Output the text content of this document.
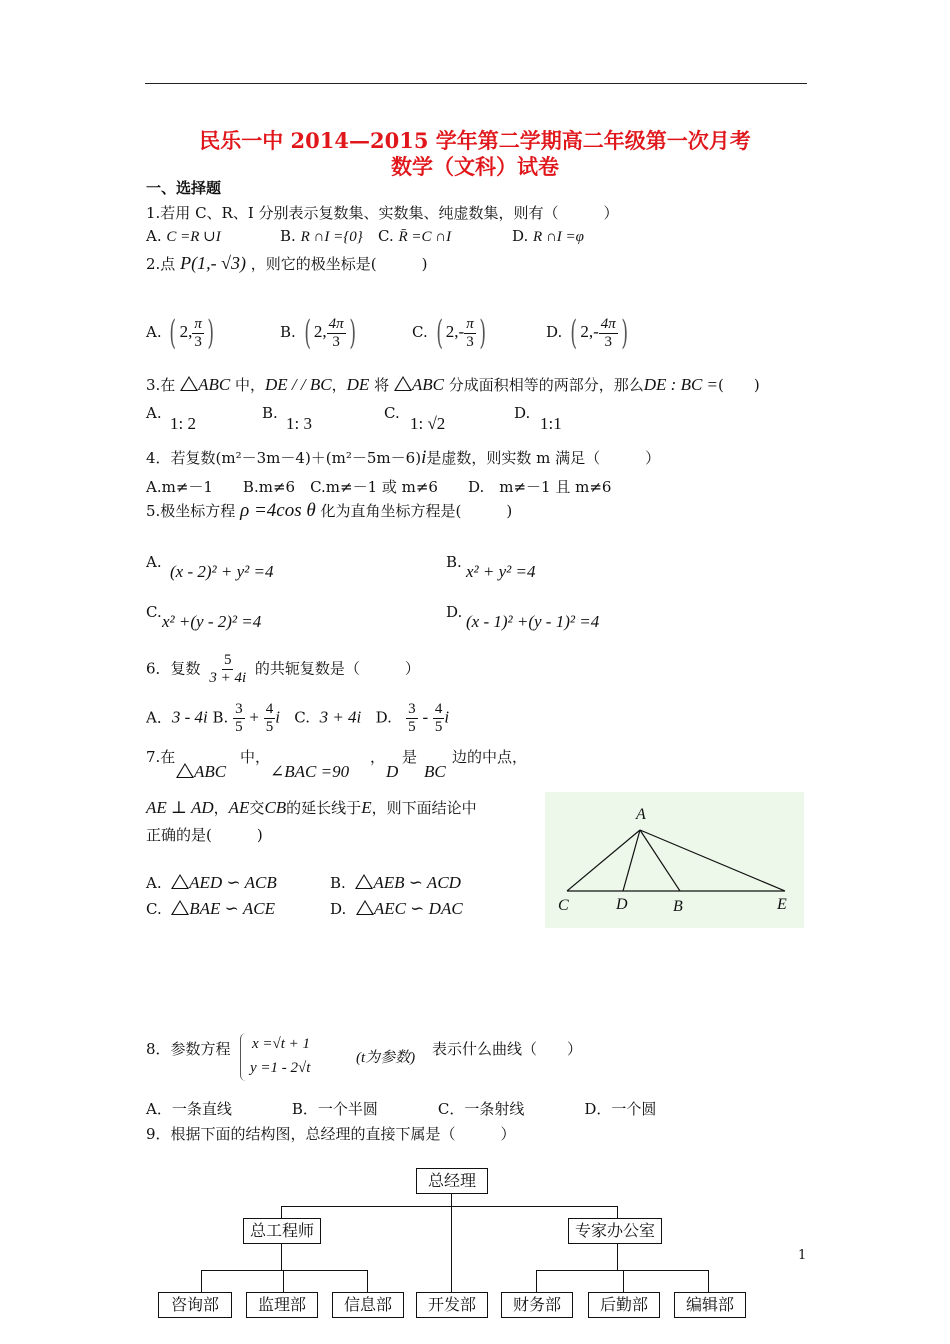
民乐一中 2014—2015 学年第二学期高二年级第一次月考
数学（文科）试卷
一、选择题
1.若用 C、R、I 分别表示复数集、实数集、纯虚数集，则有（　　　）
A. C =R ∪I	B. R ∩I ={0} C. R̄ =C ∩I	D. R ∩I =φ
2.点 P(1,- √3) ，则它的极坐标是(　　　)
A. ( 2, $\frac{\pi}{3}$ )	B. ( 2, $\frac{4\pi}{3}$ )	C. ( $2,- \frac{\pi}{3}$ )	D. ( $2,- \frac{4\pi}{3}$ )
3.在 ABC 中，DE / / BC，DE 将 ABC 分成面积相等的两部分，那么DE : BC =(　　)
A.
1: 2
B.
1: 3
C.
1: √2
D.
1:1
4．若复数(m²－3m－4)＋(m²－5m－6)i是虚数，则实数 m 满足（　　　）
A.m≠－1　　B.m≠6　C.m≠－1 或 m≠6　　D.　m≠－1 且 m≠6
5.极坐标方程 ρ =4cos θ 化为直角坐标方程是(　　　)
A. (x - 2)² + y² =4	B. x² + y² =4
C. x² +(y - 2)² =4	D. (x - 1)² +(y - 1)² =4
6．复数 $\frac{5}{3 + 4i}$ 的共轭复数是（　　　）
A．3 - 4i B. $\frac{3}{5} + \frac{4}{5}$ i C. 3 + 4i D. $\frac{3}{5} - \frac{4}{5}$ i
7.在
ABC
中，
∠BAC =90
，
D
是
BC
边的中点，
AE ⊥ AD，AE交CB的延长线于E，则下面结论中
正确的是(　　　)
A. AED ∽ ACB	B. AEB ∽ ACD
C. BAE ∽ ACE	D. AEC ∽ DAC
A
C	D	B	E
8．参数方程 x =√t + 1
y =1 - 2√t
(t为参数) 表示什么曲线（　　）
A．一条直线　　　　B．一个半圆　　　　C．一条射线　　　　D．一个圆
9．根据下面的结构图，总经理的直接下属是（　　　）
总经理
总工程师	专家办公室
咨询部	监理部	信息部	开发部	财务部	后勤部	编辑部
1
